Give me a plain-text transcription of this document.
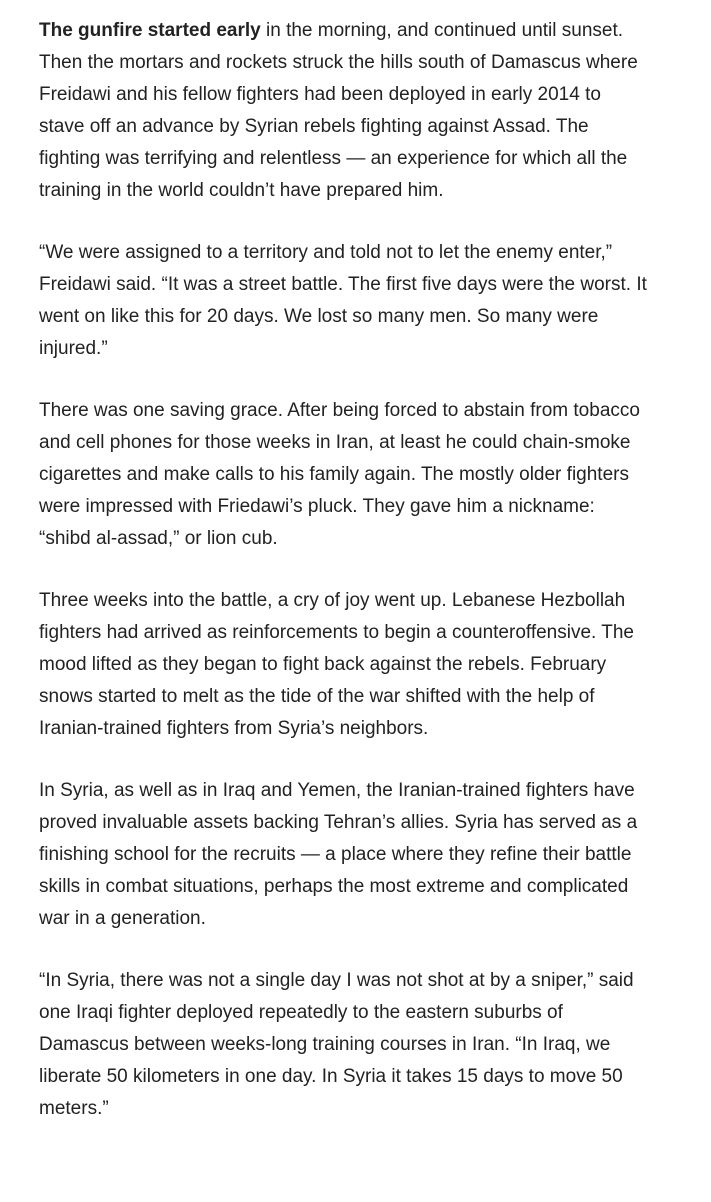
The gunfire started early in the morning, and continued until sunset. Then the mortars and rockets struck the hills south of Damascus where Freidawi and his fellow fighters had been deployed in early 2014 to stave off an advance by Syrian rebels fighting against Assad. The fighting was terrifying and relentless — an experience for which all the training in the world couldn’t have prepared him.

“We were assigned to a territory and told not to let the enemy enter,” Freidawi said. “It was a street battle. The first five days were the worst. It went on like this for 20 days. We lost so many men. So many were injured.”

There was one saving grace. After being forced to abstain from tobacco and cell phones for those weeks in Iran, at least he could chain-smoke cigarettes and make calls to his family again. The mostly older fighters were impressed with Friedawi’s pluck. They gave him a nickname: “shibd al-assad,” or lion cub.

Three weeks into the battle, a cry of joy went up. Lebanese Hezbollah fighters had arrived as reinforcements to begin a counteroffensive. The mood lifted as they began to fight back against the rebels. February snows started to melt as the tide of the war shifted with the help of Iranian-trained fighters from Syria’s neighbors.

In Syria, as well as in Iraq and Yemen, the Iranian-trained fighters have proved invaluable assets backing Tehran’s allies. Syria has served as a finishing school for the recruits — a place where they refine their battle skills in combat situations, perhaps the most extreme and complicated war in a generation.

“In Syria, there was not a single day I was not shot at by a sniper,” said one Iraqi fighter deployed repeatedly to the eastern suburbs of Damascus between weeks-long training courses in Iran. “In Iraq, we liberate 50 kilometers in one day. In Syria it takes 15 days to move 50 meters.”
